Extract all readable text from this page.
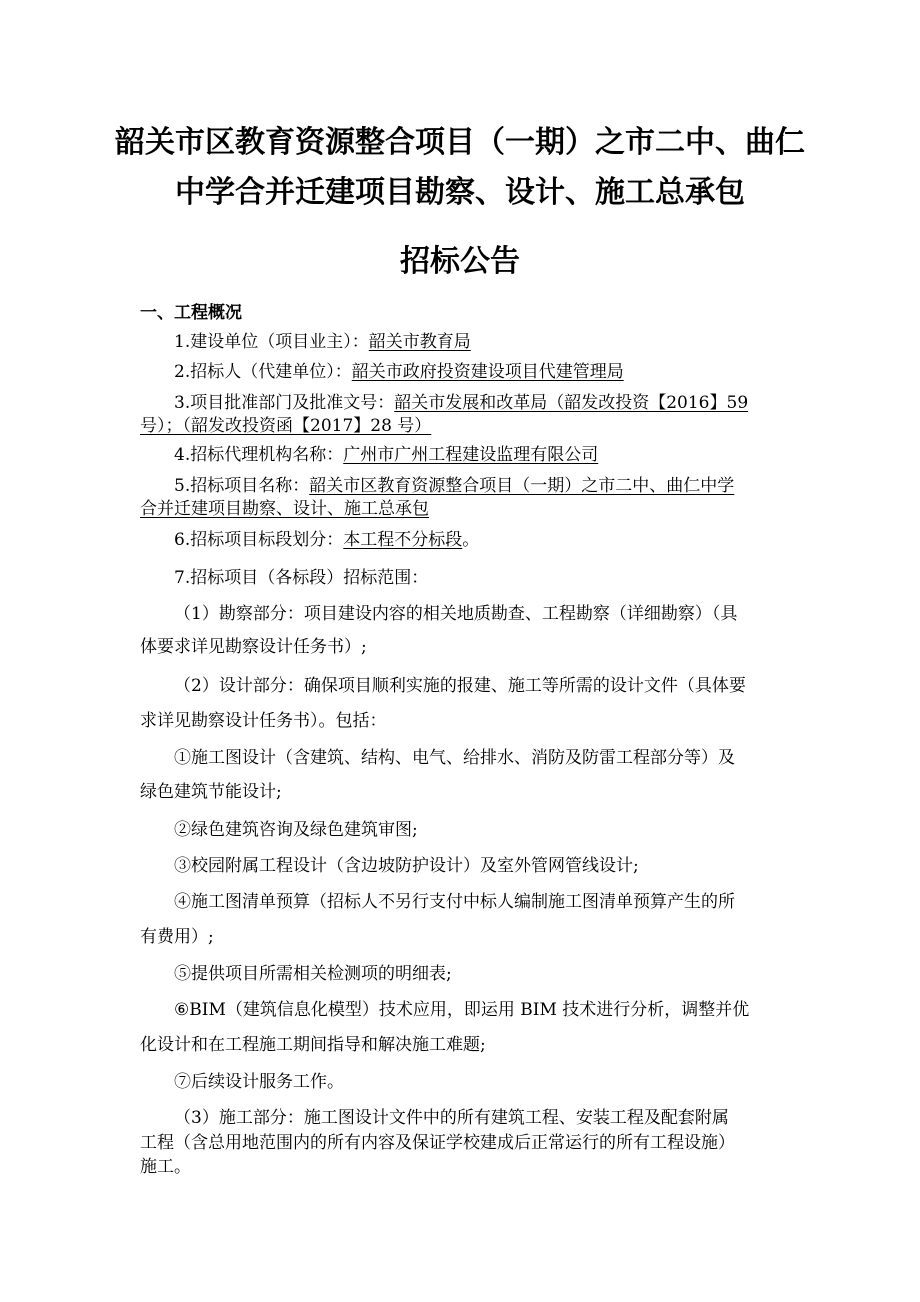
韶关市区教育资源整合项目（一期）之市二中、曲仁
中学合并迁建项目勘察、设计、施工总承包
招标公告
一、工程概况
1.建设单位（项目业主）：韶关市教育局
2.招标人（代建单位）：韶关市政府投资建设项目代建管理局
3.项目批准部门及批准文号：韶关市发展和改革局（韶发改投资【2016】59
号）；（韶发改投资函【2017】28 号）
4.招标代理机构名称：广州市广州工程建设监理有限公司
5.招标项目名称：韶关市区教育资源整合项目（一期）之市二中、曲仁中学
合并迁建项目勘察、设计、施工总承包
6.招标项目标段划分：本工程不分标段。
7.招标项目（各标段）招标范围：
（1）勘察部分：项目建设内容的相关地质勘查、工程勘察（详细勘察）（具
体要求详见勘察设计任务书）;
（2）设计部分：确保项目顺利实施的报建、施工等所需的设计文件（具体要
求详见勘察设计任务书）。包括：
①施工图设计（含建筑、结构、电气、给排水、消防及防雷工程部分等）及
绿色建筑节能设计;
②绿色建筑咨询及绿色建筑审图;
③校园附属工程设计（含边坡防护设计）及室外管网管线设计;
④施工图清单预算（招标人不另行支付中标人编制施工图清单预算产生的所
有费用）;
⑤提供项目所需相关检测项的明细表;
⑥BIM（建筑信息化模型）技术应用，即运用 BIM 技术进行分析，调整并优
化设计和在工程施工期间指导和解决施工难题;
⑦后续设计服务工作。
（3）施工部分：施工图设计文件中的所有建筑工程、安装工程及配套附属
工程（含总用地范围内的所有内容及保证学校建成后正常运行的所有工程设施）
施工。
